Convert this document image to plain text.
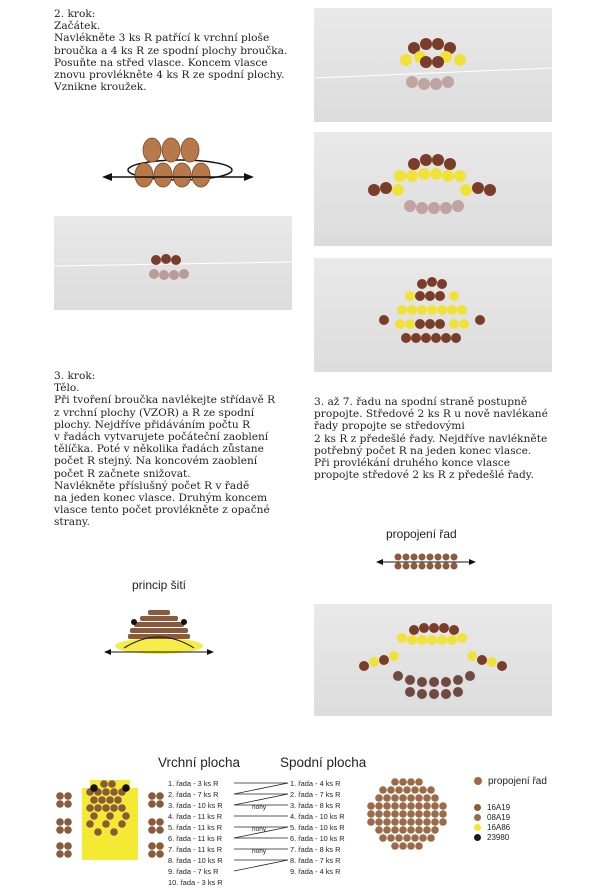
2. krok:

Začátek.

Navlékněte 3 ks R patřící k vrchní ploše

broučka a 4 ks R ze spodní plochy broučka.

Posuňte na střed vlasce. Koncem vlasce

znovu provlékněte 4 ks R ze spodní plochy.

Vznikne kroužek.

3. krok:

Tělo.

Při tvoření broučka navlékejte střídavě R

z vrchní plochy (VZOR) a R ze spodní

plochy. Nejdříve přidáváním počtu R

v řadách vytvarujete počáteční zaoblení

tělíčka. Poté v několika řadách zůstane

počet R stejný. Na koncovém zaoblení

počet R začnete snižovat.

Navlékněte příslušný počet R v řadě

na jeden konec vlasce. Druhým koncem

vlasce tento počet provlékněte z opačné

strany.

3. až 7. řadu na spodní straně postupně

propojte. Středové 2 ks R u nově navlékané

řady propojte se středovými

2 ks R z předešlé řady. Nejdříve navlékněte

potřebný počet R na jeden konec vlasce.

Při provlékání druhého konce vlasce

propojte středové 2 ks R z předešlé řady.

princip šití
propojení řad
Vrchní plocha	Spodní plocha
1. řada - 3 ks R
2. řada - 7 ks R
3. řada - 10 ks R
4. řada - 11 ks R
5. řada - 11 ks R
6. řada - 11 ks R
7. řada - 11 ks R
8. řada - 10 ks R
9. řada - 7 ks R
10. řada - 3 ks R
nohy
nohy
nohy
1. řada - 4 ks R
2. řada - 7 ks R
3. řada - 8 ks R
4. řada - 10 ks R
5. řada - 10 ks R
6. řada - 10 ks R
7. řada - 8 ks R
8. řada - 7 ks R
9. řada - 4 ks R
propojení řad
16A19
08A19
16A86
23980
